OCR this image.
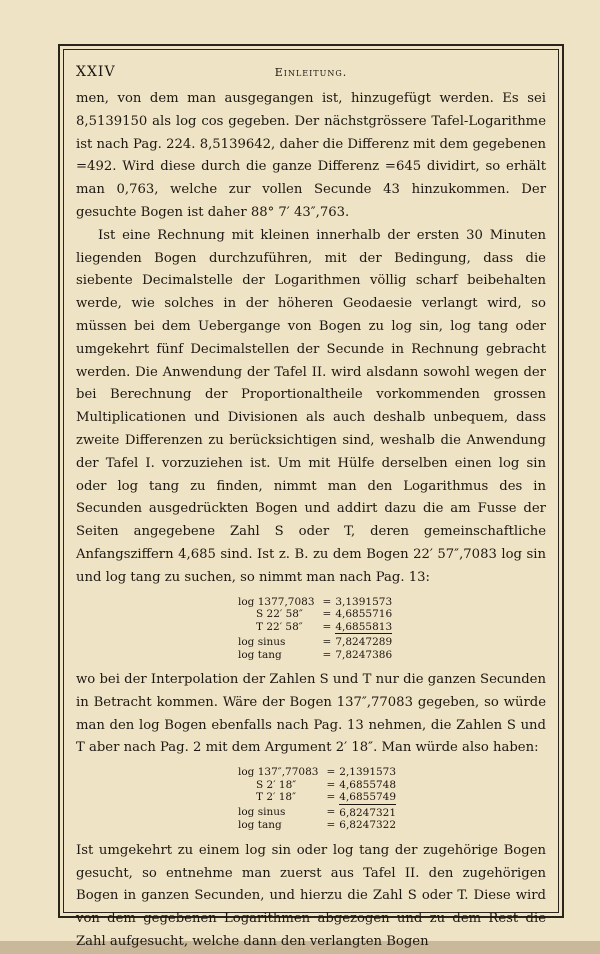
XXIV	Einleitung.

men, von dem man ausgegangen ist, hinzugefügt werden. Es sei 8,5139150 als log cos gegeben. Der nächstgrössere Tafel-Logarithme ist nach Pag. 224. 8,5139642, daher die Differenz mit dem gegebenen =492. Wird diese durch die ganze Differenz =645 dividirt, so erhält man 0,763, welche zur vollen Secunde 43 hinzukommen. Der gesuchte Bogen ist daher 88° 7′ 43″,763.

Ist eine Rechnung mit kleinen innerhalb der ersten 30 Minuten liegenden Bogen durchzuführen, mit der Bedingung, dass die siebente Decimalstelle der Logarithmen völlig scharf beibehalten werde, wie solches in der höheren Geodaesie verlangt wird, so müssen bei dem Uebergange von Bogen zu log sin, log tang oder umgekehrt fünf Decimalstellen der Secunde in Rechnung gebracht werden. Die Anwendung der Tafel II. wird alsdann sowohl wegen der bei Berechnung der Proportionaltheile vorkommenden grossen Multiplicationen und Divisionen als auch deshalb unbequem, dass zweite Differenzen zu berücksichtigen sind, weshalb die Anwendung der Tafel I. vorzuziehen ist. Um mit Hülfe derselben einen log sin oder log tang zu finden, nimmt man den Logarithmus des in Secunden ausgedrückten Bogen und addirt dazu die am Fusse der Seiten angegebene Zahl S oder T, deren gemeinschaftliche Anfangsziffern 4,685 sind. Ist z. B. zu dem Bogen 22′ 57″,7083 log sin und log tang zu suchen, so nimmt man nach Pag. 13:

log 1377,7083	=	3,1391573
S 22′ 58″	=	4,6855716
T 22′ 58″	=	4,6855813
log sinus	=	7,8247289
log tang	=	7,8247386

wo bei der Interpolation der Zahlen S und T nur die ganzen Secunden in Betracht kommen. Wäre der Bogen 137″,77083 gegeben, so würde man den log Bogen ebenfalls nach Pag. 13 nehmen, die Zahlen S und T aber nach Pag. 2 mit dem Argument 2′ 18″. Man würde also haben:

log 137″,77083	=	2,1391573
S 2′ 18″	=	4,6855748
T 2′ 18″	=	4,6855749
log sinus	=	6,8247321
log tang	=	6,8247322

Ist umgekehrt zu einem log sin oder log tang der zugehörige Bogen gesucht, so entnehme man zuerst aus Tafel II. den zugehörigen Bogen in ganzen Secunden, und hierzu die Zahl S oder T. Diese wird von dem gegebenen Logarithmen abgezogen und zu dem Rest die Zahl aufgesucht, welche dann den verlangten Bogen
